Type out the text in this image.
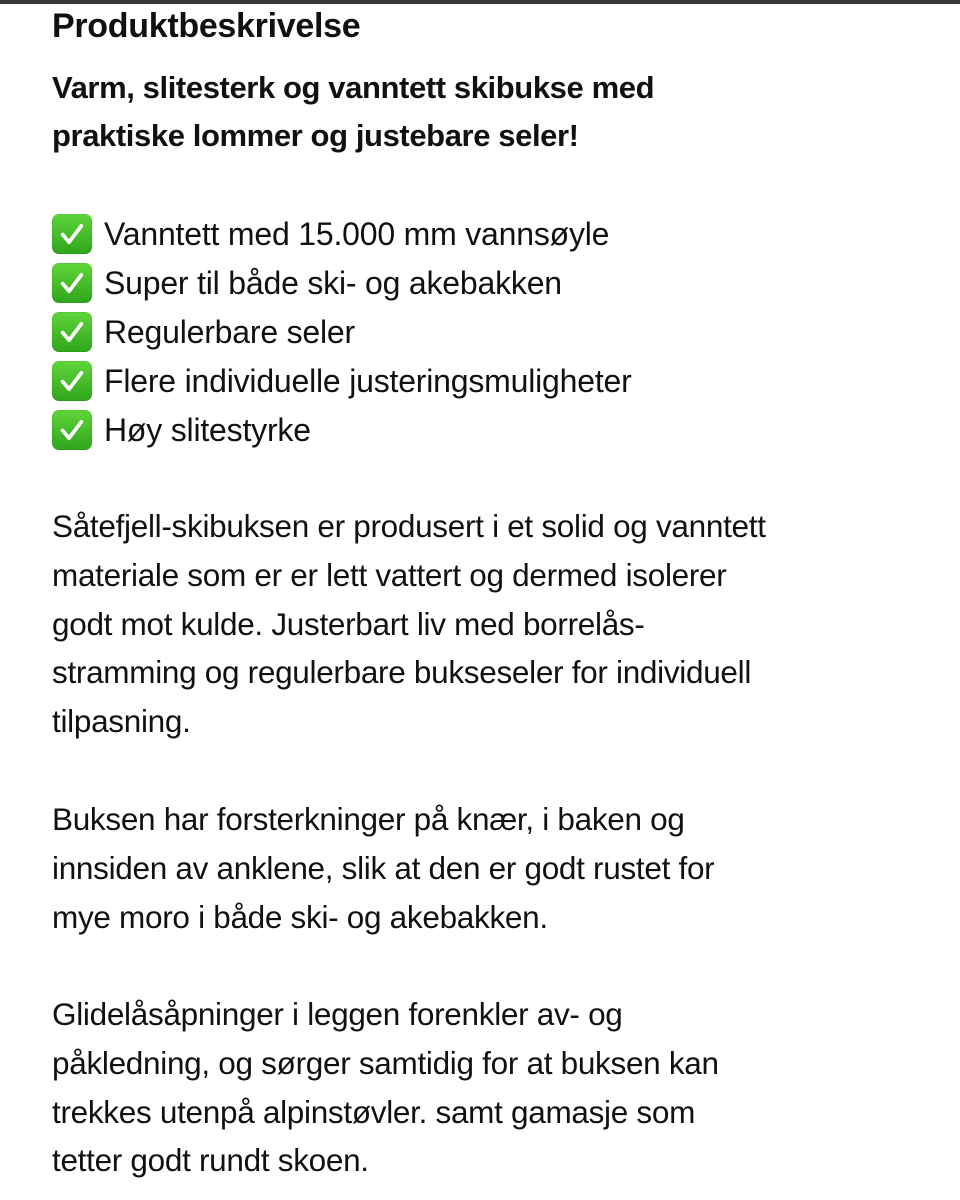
Produktbeskrivelse
Varm, slitesterk og vanntett skibukse med
praktiske lommer og justebare seler!
Vanntett med 15.000 mm vannsøyle
Super til både ski- og akebakken
Regulerbare seler
Flere individuelle justeringsmuligheter
Høy slitestyrke
Såtefjell-skibuksen er produsert i et solid og vanntett
materiale som er er lett vattert og dermed isolerer
godt mot kulde. Justerbart liv med borrelås-
stramming og regulerbare bukseseler for individuell
tilpasning.
Buksen har forsterkninger på knær, i baken og
innsiden av anklene, slik at den er godt rustet for
mye moro i både ski- og akebakken.
Glidelåsåpninger i leggen forenkler av- og
påkledning, og sørger samtidig for at buksen kan
trekkes utenpå alpinstøvler. samt gamasje som
tetter godt rundt skoen.
